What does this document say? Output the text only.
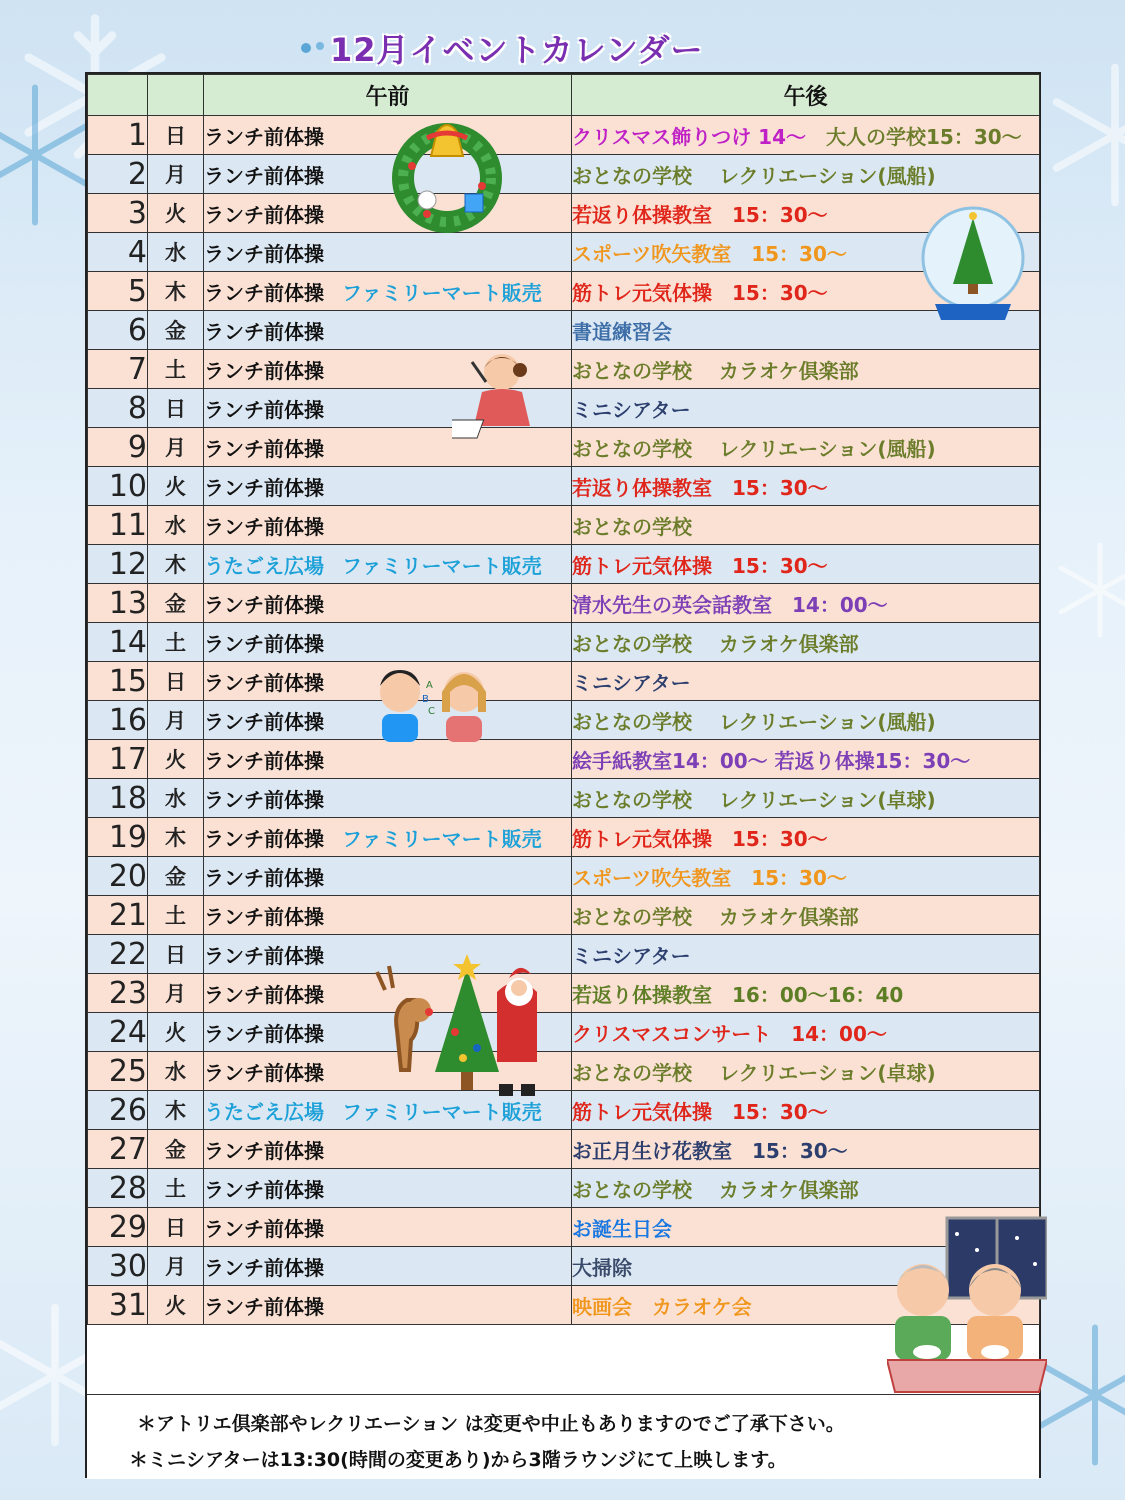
12月イベントカレンダー
		午前	午後
1	日	ランチ前体操	クリスマス飾りつけ 14～　大人の学校15：30～
2	月	ランチ前体操	おとなの学校　 レクリエーション(風船)
3	火	ランチ前体操	若返り体操教室　15：30～
4	水	ランチ前体操	スポーツ吹矢教室　15：30～
5	木	ランチ前体操 ファミリーマート販売	筋トレ元気体操　15：30～
6	金	ランチ前体操	書道練習会
7	土	ランチ前体操	おとなの学校　 カラオケ倶楽部
8	日	ランチ前体操	ミニシアター
9	月	ランチ前体操	おとなの学校　 レクリエーション(風船)
10	火	ランチ前体操	若返り体操教室　15：30～
11	水	ランチ前体操	おとなの学校
12	木	うたごえ広場 ファミリーマート販売	筋トレ元気体操　15：30～
13	金	ランチ前体操	清水先生の英会話教室　14：00～
14	土	ランチ前体操	おとなの学校　 カラオケ倶楽部
15	日	ランチ前体操	ミニシアター
16	月	ランチ前体操	おとなの学校　 レクリエーション(風船)
17	火	ランチ前体操	絵手紙教室14：00～ 若返り体操15：30～
18	水	ランチ前体操	おとなの学校　 レクリエーション(卓球)
19	木	ランチ前体操 ファミリーマート販売	筋トレ元気体操　15：30～
20	金	ランチ前体操	スポーツ吹矢教室　15：30～
21	土	ランチ前体操	おとなの学校　 カラオケ倶楽部
22	日	ランチ前体操	ミニシアター
23	月	ランチ前体操	若返り体操教室　16：00～16：40
24	火	ランチ前体操	クリスマスコンサート　14：00～
25	水	ランチ前体操	おとなの学校　 レクリエーション(卓球)
26	木	うたごえ広場 ファミリーマート販売	筋トレ元気体操　15：30～
27	金	ランチ前体操	お正月生け花教室　15：30～
28	土	ランチ前体操	おとなの学校　 カラオケ倶楽部
29	日	ランチ前体操	お誕生日会
30	月	ランチ前体操	大掃除
31	火	ランチ前体操	映画会　カラオケ会
A
B
C
＊アトリエ倶楽部やレクリエーション は変更や中止もありますのでご了承下さい。
＊ミニシアターは13:30(時間の変更あり)から3階ラウンジにて上映します。
